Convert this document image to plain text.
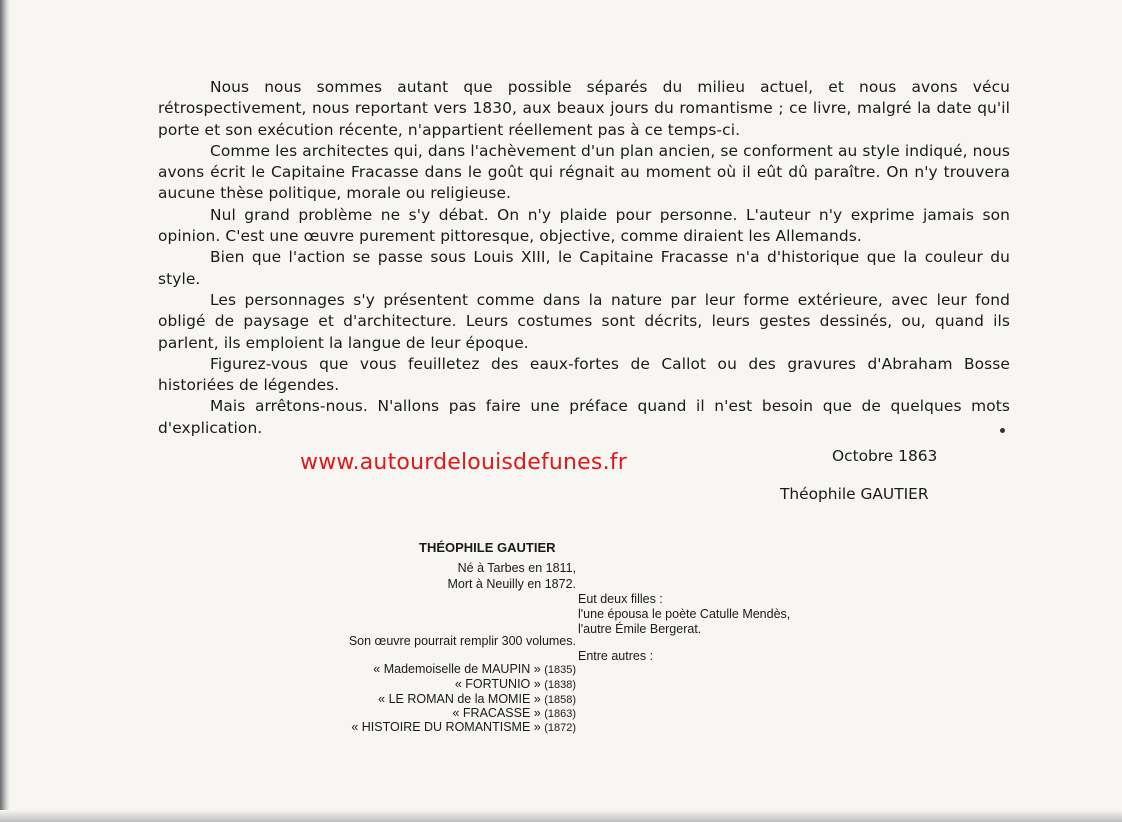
Nous nous sommes autant que possible séparés du milieu actuel, et nous avons vécu rétrospectivement, nous reportant vers 1830, aux beaux jours du romantisme ; ce livre, malgré la date qu'il porte et son exécution récente, n'appartient réellement pas à ce temps-ci.

Comme les architectes qui, dans l'achèvement d'un plan ancien, se conforment au style indiqué, nous avons écrit le Capitaine Fracasse dans le goût qui régnait au moment où il eût dû paraître. On n'y trouvera aucune thèse politique, morale ou religieuse.

Nul grand problème ne s'y débat. On n'y plaide pour personne. L'auteur n'y exprime jamais son opinion. C'est une œuvre purement pittoresque, objective, comme diraient les Allemands.

Bien que l'action se passe sous Louis XIII, le Capitaine Fracasse n'a d'historique que la couleur du style.

Les personnages s'y présentent comme dans la nature par leur forme extérieure, avec leur fond obligé de paysage et d'architecture. Leurs costumes sont décrits, leurs gestes dessinés, ou, quand ils parlent, ils emploient la langue de leur époque.

Figurez-vous que vous feuilletez des eaux-fortes de Callot ou des gravures d'Abraham Bosse historiées de légendes.

Mais arrêtons-nous. N'allons pas faire une préface quand il n'est besoin que de quelques mots d'explication.

www.autourdelouisdefunes.fr	Octobre 1863
Théophile GAUTIER
THÉOPHILE GAUTIER
Né à Tarbes en 1811,
Mort à Neuilly en 1872.
Eut deux filles :
l'une épousa le poète Catulle Mendès,
l'autre Émile Bergerat.
Son œuvre pourrait remplir 300 volumes.
Entre autres :
« Mademoiselle de MAUPIN » (1835)
« FORTUNIO » (1838)
« LE ROMAN de la MOMIE » (1858)
« FRACASSE » (1863)
« HISTOIRE DU ROMANTISME » (1872)
